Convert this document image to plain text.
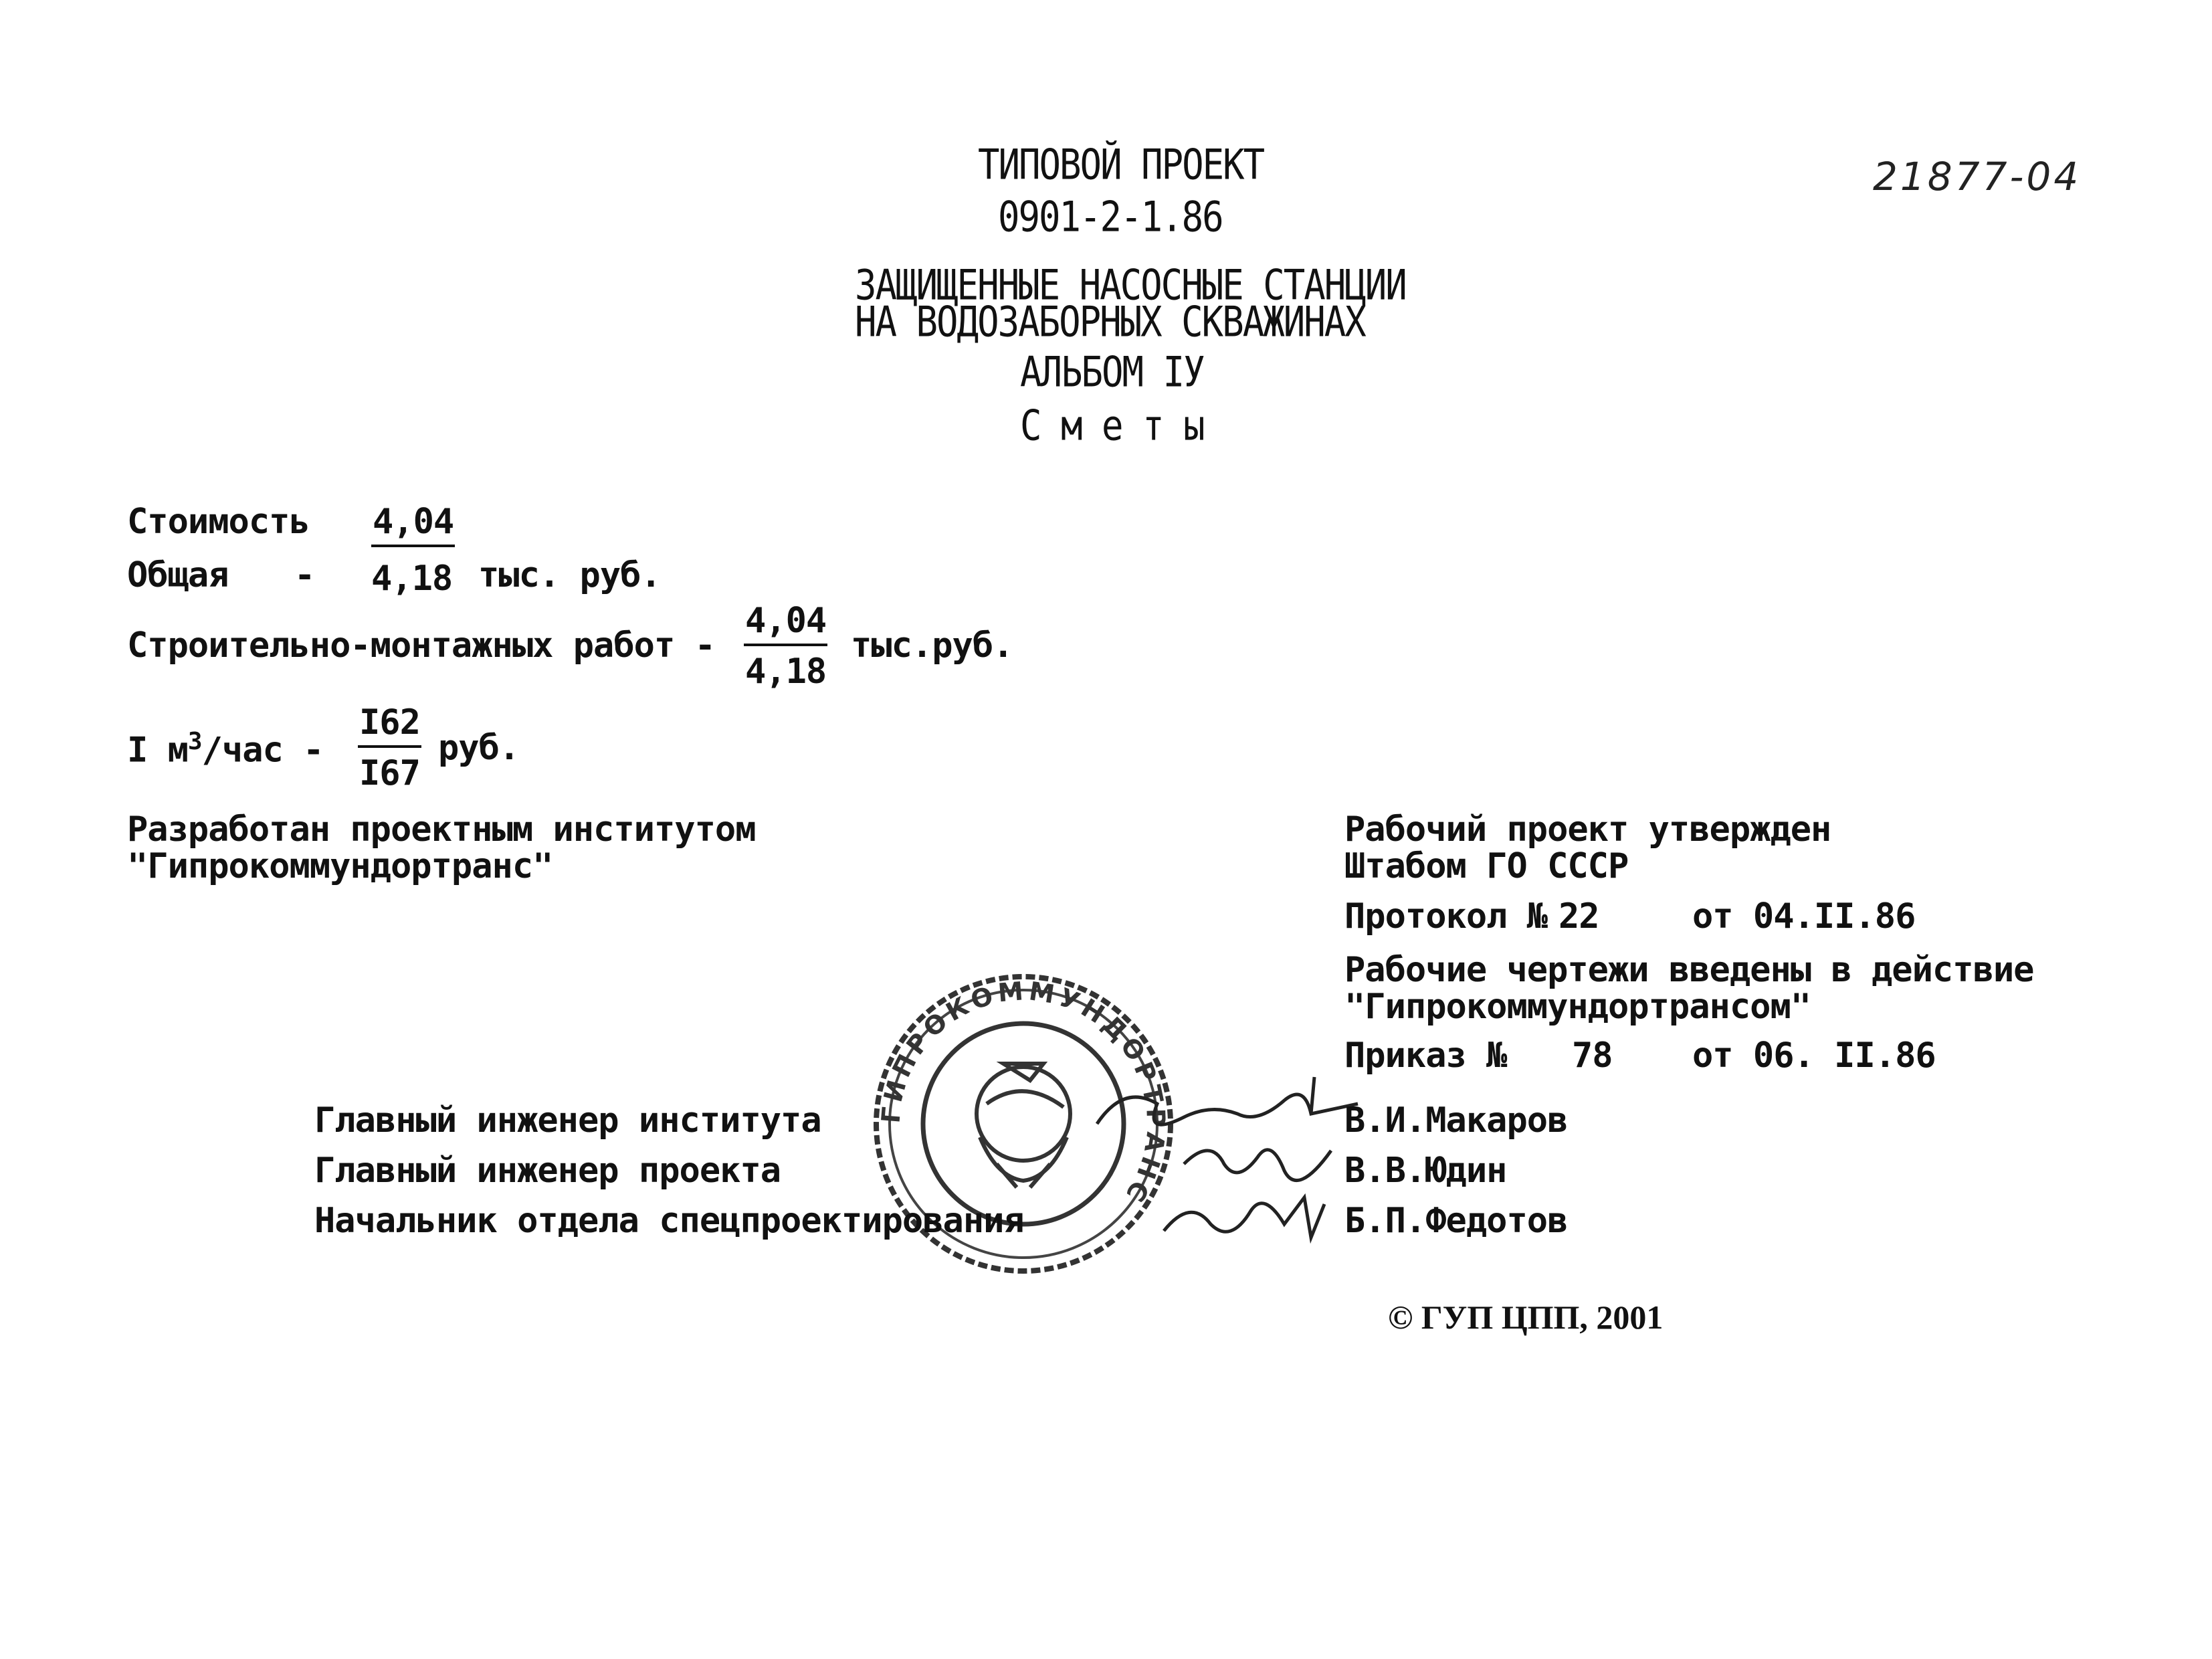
21877-04
ТИПОВОЙ ПРОЕКТ
0901-2-1.86
ЗАЩИЩЕННЫЕ НАСОСНЫЕ СТАНЦИИ
НА ВОДОЗАБОРНЫХ СКВАЖИНАХ
АЛЬБОМ IУ
С м е т ы
Стоимость
Общая -
4,04
4,18 тыс. руб.
Строительно-монтажных работ - $\frac{4,04}{4,18} тыс.руб$.
I $м^3$/час - $\frac{I62}{I67}$ руб.
Разработан проектным институтом
"Гипрокоммундортранс"
Рабочий проект утвержден
Штабом ГО СССР
Протокол № 22	от 04.II.86
Рабочие чертежи введены в действие
"Гипрокоммундортрансом"
Приказ № 78 от 06. II.86
ГИПРОКОММУНДОРТРАНС
Главный инженер института	В.И.Макаров
Главный инженер проекта	В.В.Юдин
Начальник отдела спецпроектирования	Б.П.Федотов
© ГУП ЦПП, 2001
